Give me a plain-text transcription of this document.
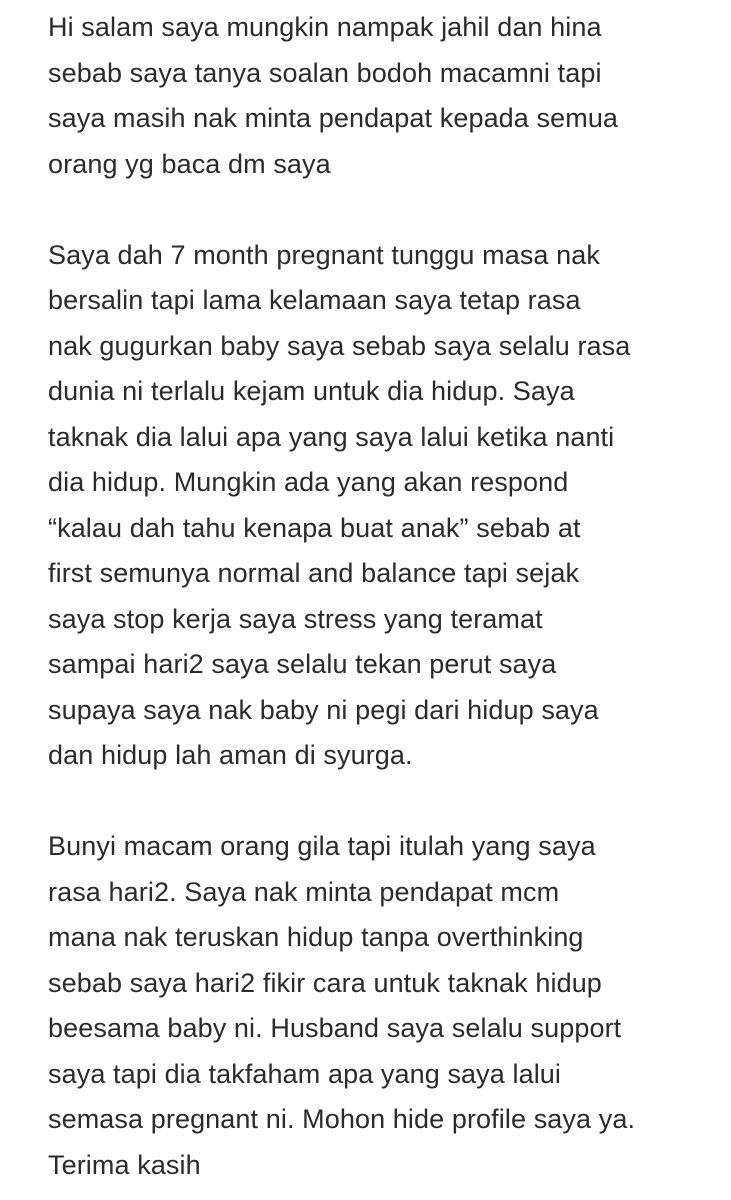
Hi salam saya mungkin nampak jahil dan hina
sebab saya tanya soalan bodoh macamni tapi
saya masih nak minta pendapat kepada semua
orang yg baca dm saya
Saya dah 7 month pregnant tunggu masa nak
bersalin tapi lama kelamaan saya tetap rasa
nak gugurkan baby saya sebab saya selalu rasa
dunia ni terlalu kejam untuk dia hidup. Saya
taknak dia lalui apa yang saya lalui ketika nanti
dia hidup. Mungkin ada yang akan respond
“kalau dah tahu kenapa buat anak” sebab at
first semunya normal and balance tapi sejak
saya stop kerja saya stress yang teramat
sampai hari2 saya selalu tekan perut saya
supaya saya nak baby ni pegi dari hidup saya
dan hidup lah aman di syurga.
Bunyi macam orang gila tapi itulah yang saya
rasa hari2. Saya nak minta pendapat mcm
mana nak teruskan hidup tanpa overthinking
sebab saya hari2 fikir cara untuk taknak hidup
beesama baby ni. Husband saya selalu support
saya tapi dia takfaham apa yang saya lalui
semasa pregnant ni. Mohon hide profile saya ya.
Terima kasih
